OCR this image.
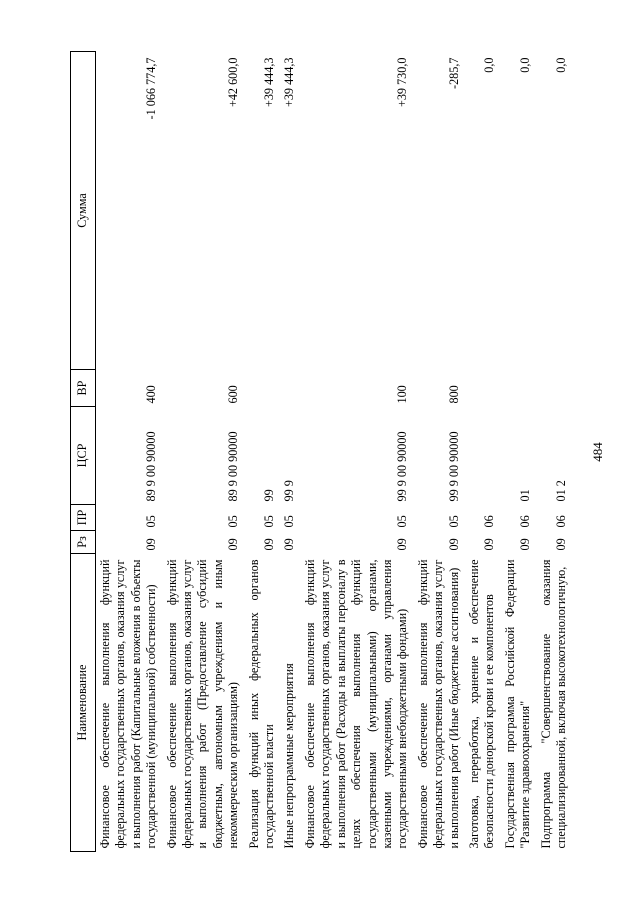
484
Наименование	Рз	ПР	ЦСР	ВР	Сумма
Финансовое обеспечение выполнения функций федеральных государственных органов, оказания услуг и выполнения работ (Капитальные вложения в объекты государственной (муниципальной) собственности)	09	05	89 9 00 90000	400	-1 066 774,7
Финансовое обеспечение выполнения функций федеральных государственных органов, оказания услуг и выполнения работ (Предоставление субсидий бюджетным, автономным учреждениям и иным некоммерческим организациям)	09	05	89 9 00 90000	600	+42 600,0
Реализация функций иных федеральных органов государственной власти	09	05	99		+39 444,3
Иные непрограммные мероприятия	09	05	99 9		+39 444,3
Финансовое обеспечение выполнения функций федеральных государственных органов, оказания услуг и выполнения работ (Расходы на выплаты персоналу в целях обеспечения выполнения функций государственными (муниципальными) органами, казенными учреждениями, органами управления государственными внебюджетными фондами)	09	05	99 9 00 90000	100	+39 730,0
Финансовое обеспечение выполнения функций федеральных государственных органов, оказания услуг и выполнения работ (Иные бюджетные ассигнования)	09	05	99 9 00 90000	800	-285,7
Заготовка, переработка, хранение и обеспечение безопасности донорской крови и ее компонентов	09	06			0,0
Государственная программа Российской Федерации "Развитие здравоохранения"	09	06	01		0,0
Подпрограмма "Совершенствование оказания специализированной, включая высокотехнологичную,	09	06	01 2		0,0
